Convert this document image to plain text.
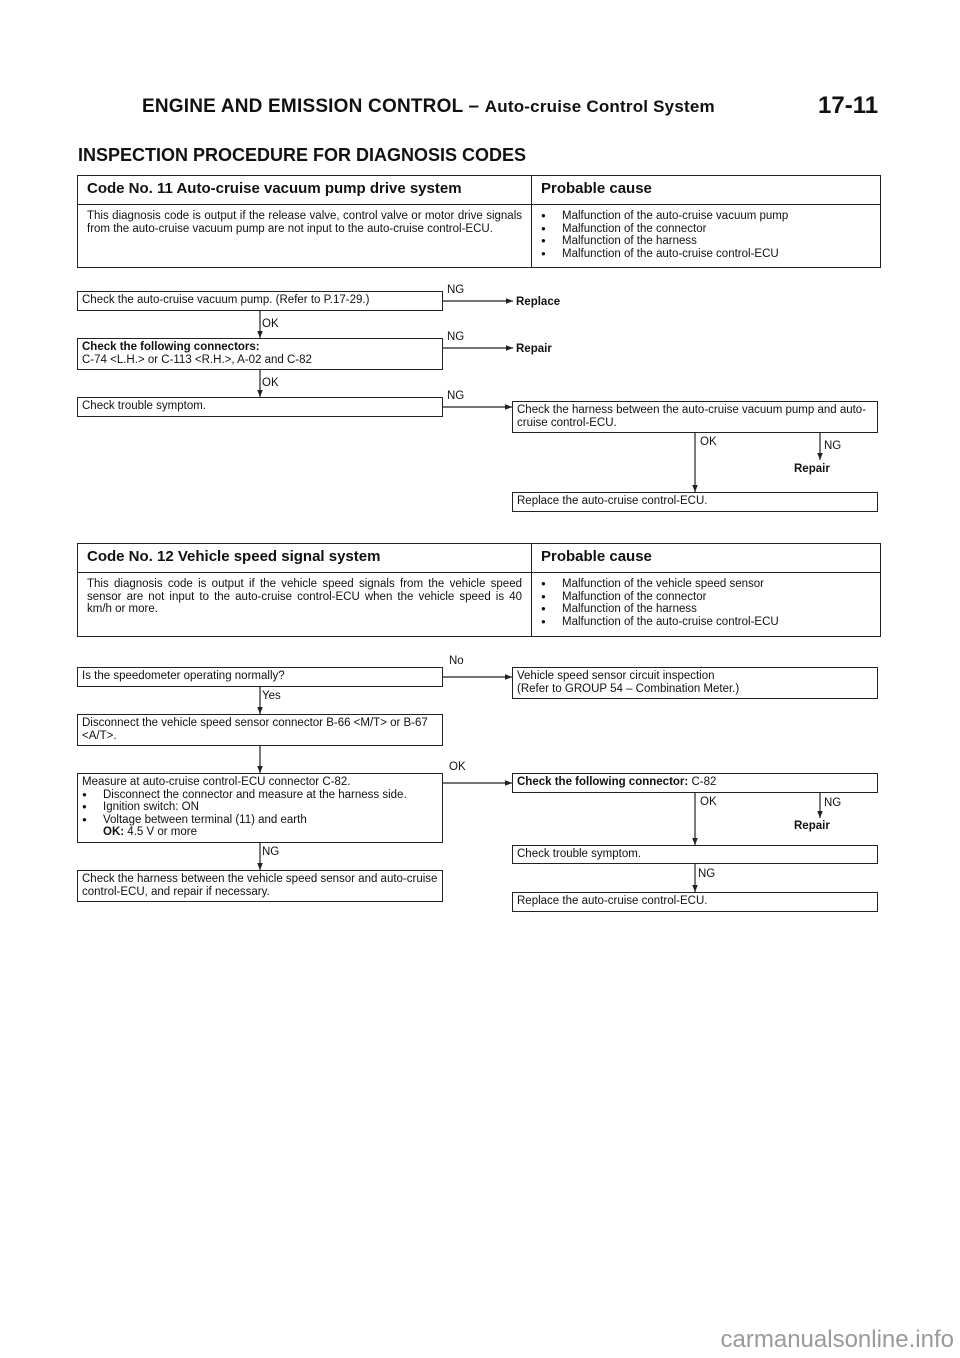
ENGINE AND EMISSION CONTROL – Auto-cruise Control System	17-11
INSPECTION PROCEDURE FOR DIAGNOSIS CODES
Code No. 11 Auto-cruise vacuum pump drive system	Probable cause
This diagnosis code is output if the release valve, control valve or motor drive signals from the auto-cruise vacuum pump are not input to the auto-cruise control-ECU.
● Malfunction of the auto-cruise vacuum pump
● Malfunction of the connector
● Malfunction of the harness
● Malfunction of the auto-cruise control-ECU
Check the auto-cruise vacuum pump. (Refer to P.17-29.)
Check the following connectors:
C-74 <L.H.> or C-113 <R.H.>, A-02 and C-82
Check trouble symptom.	Check the harness between the auto-cruise vacuum pump and auto-cruise control-ECU.
Replace the auto-cruise control-ECU.
NG
Replace
OK
NG
Repair
OK
NG
OK	NG
Repair
Code No. 12 Vehicle speed signal system	Probable cause
This diagnosis code is output if the vehicle speed signals from the vehicle speed sensor are not input to the auto-cruise control-ECU when the vehicle speed is 40 km/h or more.
● Malfunction of the vehicle speed sensor
● Malfunction of the connector
● Malfunction of the harness
● Malfunction of the auto-cruise control-ECU
Is the speedometer operating normally?	Vehicle speed sensor circuit inspection
(Refer to GROUP 54 – Combination Meter.)
Disconnect the vehicle speed sensor connector B-66 <M/T> or B-67 <A/T>.
Measure at auto-cruise control-ECU connector C-82.
● Disconnect the connector and measure at the harness side.
● Ignition switch: ON
● Voltage between terminal (11) and earth
OK: 4.5 V or more
Check the following connector: C-82
Check trouble symptom.
Replace the auto-cruise control-ECU.
Check the harness between the vehicle speed sensor and auto-cruise control-ECU, and repair if necessary.
No
Yes
OK
OK	NG
Repair
NG
NG
carmanualsonline.info
